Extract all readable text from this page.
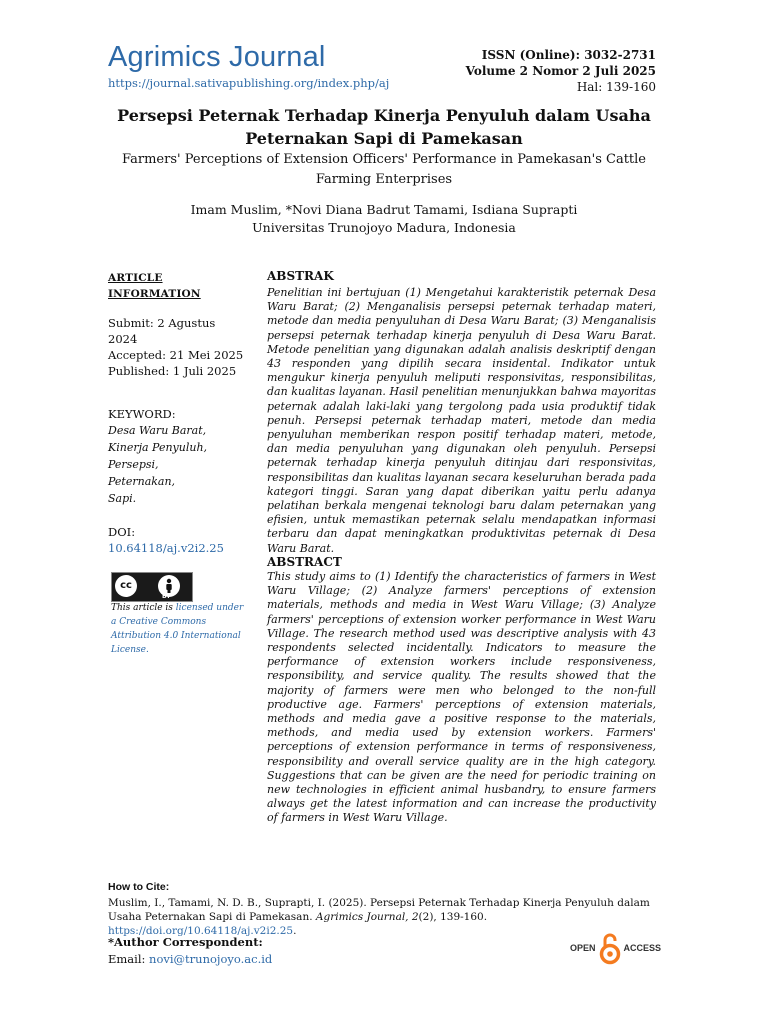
Agrimics Journal
https://journal.sativapublishing.org/index.php/aj
ISSN (Online): 3032-2731
Volume 2 Nomor 2 Juli 2025
Hal: 139-160
Persepsi Peternak Terhadap Kinerja Penyuluh dalam Usaha
Peternakan Sapi di Pamekasan
Farmers' Perceptions of Extension Officers' Performance in Pamekasan's Cattle
Farming Enterprises
Imam Muslim, *Novi Diana Badrut Tamami, Isdiana Suprapti
Universitas Trunojoyo Madura, Indonesia
ARTICLE INFORMATION
Submit: 2 Agustus 2024
Accepted: 21 Mei 2025
Published: 1 Juli 2025
KEYWORD:
Desa Waru Barat,
Kinerja Penyuluh,
Persepsi,
Peternakan,
Sapi.
DOI:
10.64118/aj.v2i2.25
cc
BY
This article is licensed under a Creative Commons Attribution 4.0 International License.
ABSTRAK
Penelitian ini bertujuan (1) Mengetahui karakteristik peternak Desa Waru Barat; (2) Menganalisis persepsi peternak terhadap materi, metode dan media penyuluhan di Desa Waru Barat; (3) Menganalisis persepsi peternak terhadap kinerja penyuluh di Desa Waru Barat. Metode penelitian yang digunakan adalah analisis deskriptif dengan 43 responden yang dipilih secara insidental. Indikator untuk mengukur kinerja penyuluh meliputi responsivitas, responsibilitas, dan kualitas layanan. Hasil penelitian menunjukkan bahwa mayoritas peternak adalah laki-laki yang tergolong pada usia produktif tidak penuh. Persepsi peternak terhadap materi, metode dan media penyuluhan memberikan respon positif terhadap materi, metode, dan media penyuluhan yang digunakan oleh penyuluh. Persepsi peternak terhadap kinerja penyuluh ditinjau dari responsivitas, responsibilitas dan kualitas layanan secara keseluruhan berada pada kategori tinggi. Saran yang dapat diberikan yaitu perlu adanya pelatihan berkala mengenai teknologi baru dalam peternakan yang efisien, untuk memastikan peternak selalu mendapatkan informasi terbaru dan dapat meningkatkan produktivitas peternak di Desa Waru Barat.
ABSTRACT
This study aims to (1) Identify the characteristics of farmers in West Waru Village; (2) Analyze farmers' perceptions of extension materials, methods and media in West Waru Village; (3) Analyze farmers' perceptions of extension worker performance in West Waru Village. The research method used was descriptive analysis with 43 respondents selected incidentally. Indicators to measure the performance of extension workers include responsiveness, responsibility, and service quality. The results showed that the majority of farmers were men who belonged to the non-full productive age. Farmers' perceptions of extension materials, methods and media gave a positive response to the materials, methods, and media used by extension workers. Farmers' perceptions of extension performance in terms of responsiveness, responsibility and overall service quality are in the high category. Suggestions that can be given are the need for periodic training on new technologies in efficient animal husbandry, to ensure farmers always get the latest information and can increase the productivity of farmers in West Waru Village.
How to Cite:
Muslim, I., Tamami, N. D. B., Suprapti, I. (2025). Persepsi Peternak Terhadap Kinerja Penyuluh dalam Usaha Peternakan Sapi di Pamekasan. Agrimics Journal, 2(2), 139-160. https://doi.org/10.64118/aj.v2i2.25.
*Author Correspondent:
Email: novi@trunojoyo.ac.id
OPEN	ACCESS
